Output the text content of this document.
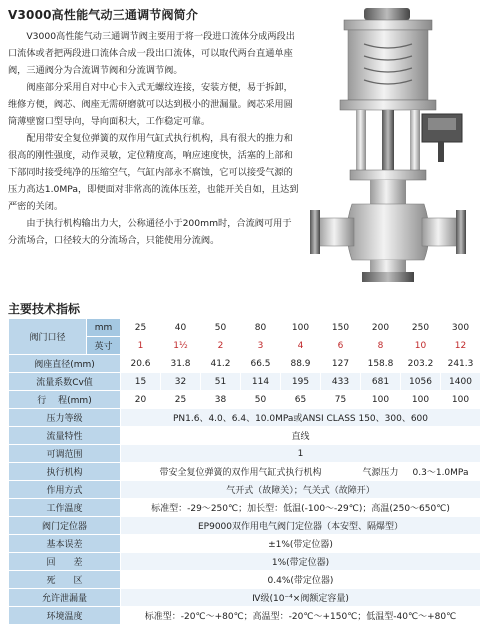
V3000高性能气动三通调节阀简介

V3000高性能气动三通调节阀主要用于将一段进口流体分成两段出口流体或者把两段进口流体合成一段出口流体，可以取代两台直通单座阀，三通阀分为合流调节阀和分流调节阀。

阀座部分采用自对中心卡入式无螺纹连接，安装方便，易于拆卸，维修方便，阀芯、阀座无需研磨就可以达到极小的泄漏量。阀芯采用圆筒薄壁窗口型导向，导向面积大，工作稳定可靠。

配用带安全复位弹簧的双作用气缸式执行机构，具有很大的推力和很高的刚性强度，动作灵敏，定位精度高，响应速度快，活塞的上部和下部同时接受纯净的压缩空气，气缸内部永不腐蚀，它可以接受气源的压力高达1.0MPa，即便面对非常高的流体压差，也能开关自如，且达到严密的关闭。

由于执行机构输出力大，公称通径小于200mm时，合流阀可用于分流场合，口径较大的分流场合，只能使用分流阀。

主要技术指标
阀门口径	mm	25	40	50	80	100	150	200	250	300
	英寸	1	1½	2	3	4	6	8	10	12
阀座直径(mm)		20.6	31.8	41.2	66.5	88.9	127	158.8	203.2	241.3
流量系数Cv值		15	32	51	114	195	433	681	1056	1400
行　 程(mm)		20	25	38	50	65	75	100	100	100
压力等级		PN1.6、4.0、6.4、10.0MPa或ANSI CLASS 150、300、600								
流量特性		直线								
可调范围		1								
执行机构		带安全复位弹簧的双作用气缸式执行机构						气源压力	0.3～1.0MPa	
作用方式		气开式（故障关）；气关式（故障开）								
工作温度		标准型：-29～250℃；加长型：低温(-100～-29℃)；高温(250～650℃)								
阀门定位器		EP9000双作用电气阀门定位器（本安型、隔爆型）								
基本误差		±1%(带定位器)								
回　　差		1%(带定位器)								
死　　区		0.4%(带定位器)								
允许泄漏量		Ⅳ级(10⁻⁴×阀额定容量)								
环境温度		标准型：-20℃～+80℃；高温型：-20℃～+150℃；低温型-40℃～+80℃								
